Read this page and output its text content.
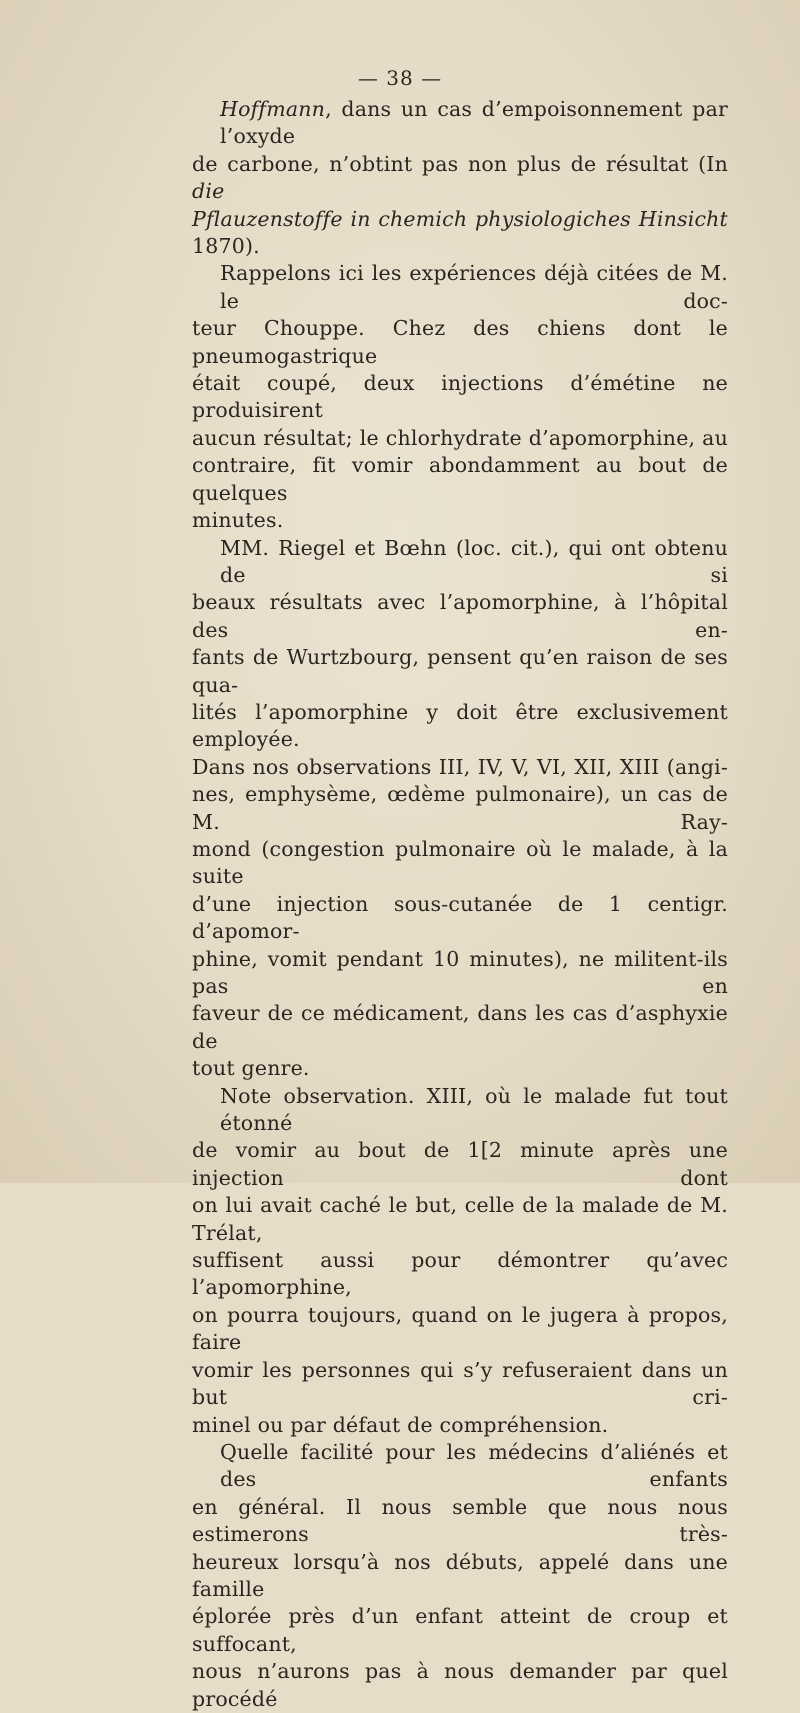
— 38 —

Hoffmann, dans un cas d’empoisonnement par l’oxyde
de carbone, n’obtint pas non plus de résultat (In die
Pflauzenstoffe in chemich physiologiches Hinsicht 1870).

Rappelons ici les expériences déjà citées de M. le doc-
teur Chouppe. Chez des chiens dont le pneumogastrique
était coupé, deux injections d’émétine ne produisirent
aucun résultat; le chlorhydrate d’apomorphine, au
contraire, fit vomir abondamment au bout de quelques
minutes.

MM. Riegel et Bœhn (loc. cit.), qui ont obtenu de si
beaux résultats avec l’apomorphine, à l’hôpital des en-
fants de Wurtzbourg, pensent qu’en raison de ses qua-
lités l’apomorphine y doit être exclusivement employée.
Dans nos observations III, IV, V, VI, XII, XIII (angi-
nes, emphysème, œdème pulmonaire), un cas de M. Ray-
mond (congestion pulmonaire où le malade, à la suite
d’une injection sous-cutanée de 1 centigr. d’apomor-
phine, vomit pendant 10 minutes), ne militent-ils pas en
faveur de ce médicament, dans les cas d’asphyxie de
tout genre.

Note observation. XIII, où le malade fut tout étonné
de vomir au bout de 1[2 minute après une injection dont
on lui avait caché le but, celle de la malade de M. Trélat,
suffisent aussi pour démontrer qu’avec l’apomorphine,
on pourra toujours, quand on le jugera à propos, faire
vomir les personnes qui s’y refuseraient dans un but cri-
minel ou par défaut de compréhension.

Quelle facilité pour les médecins d’aliénés et des enfants
en général. Il nous semble que nous nous estimerons très-
heureux lorsqu’à nos débuts, appelé dans une famille
éplorée près d’un enfant atteint de croup et suffocant,
nous n’aurons pas à nous demander par quel procédé
